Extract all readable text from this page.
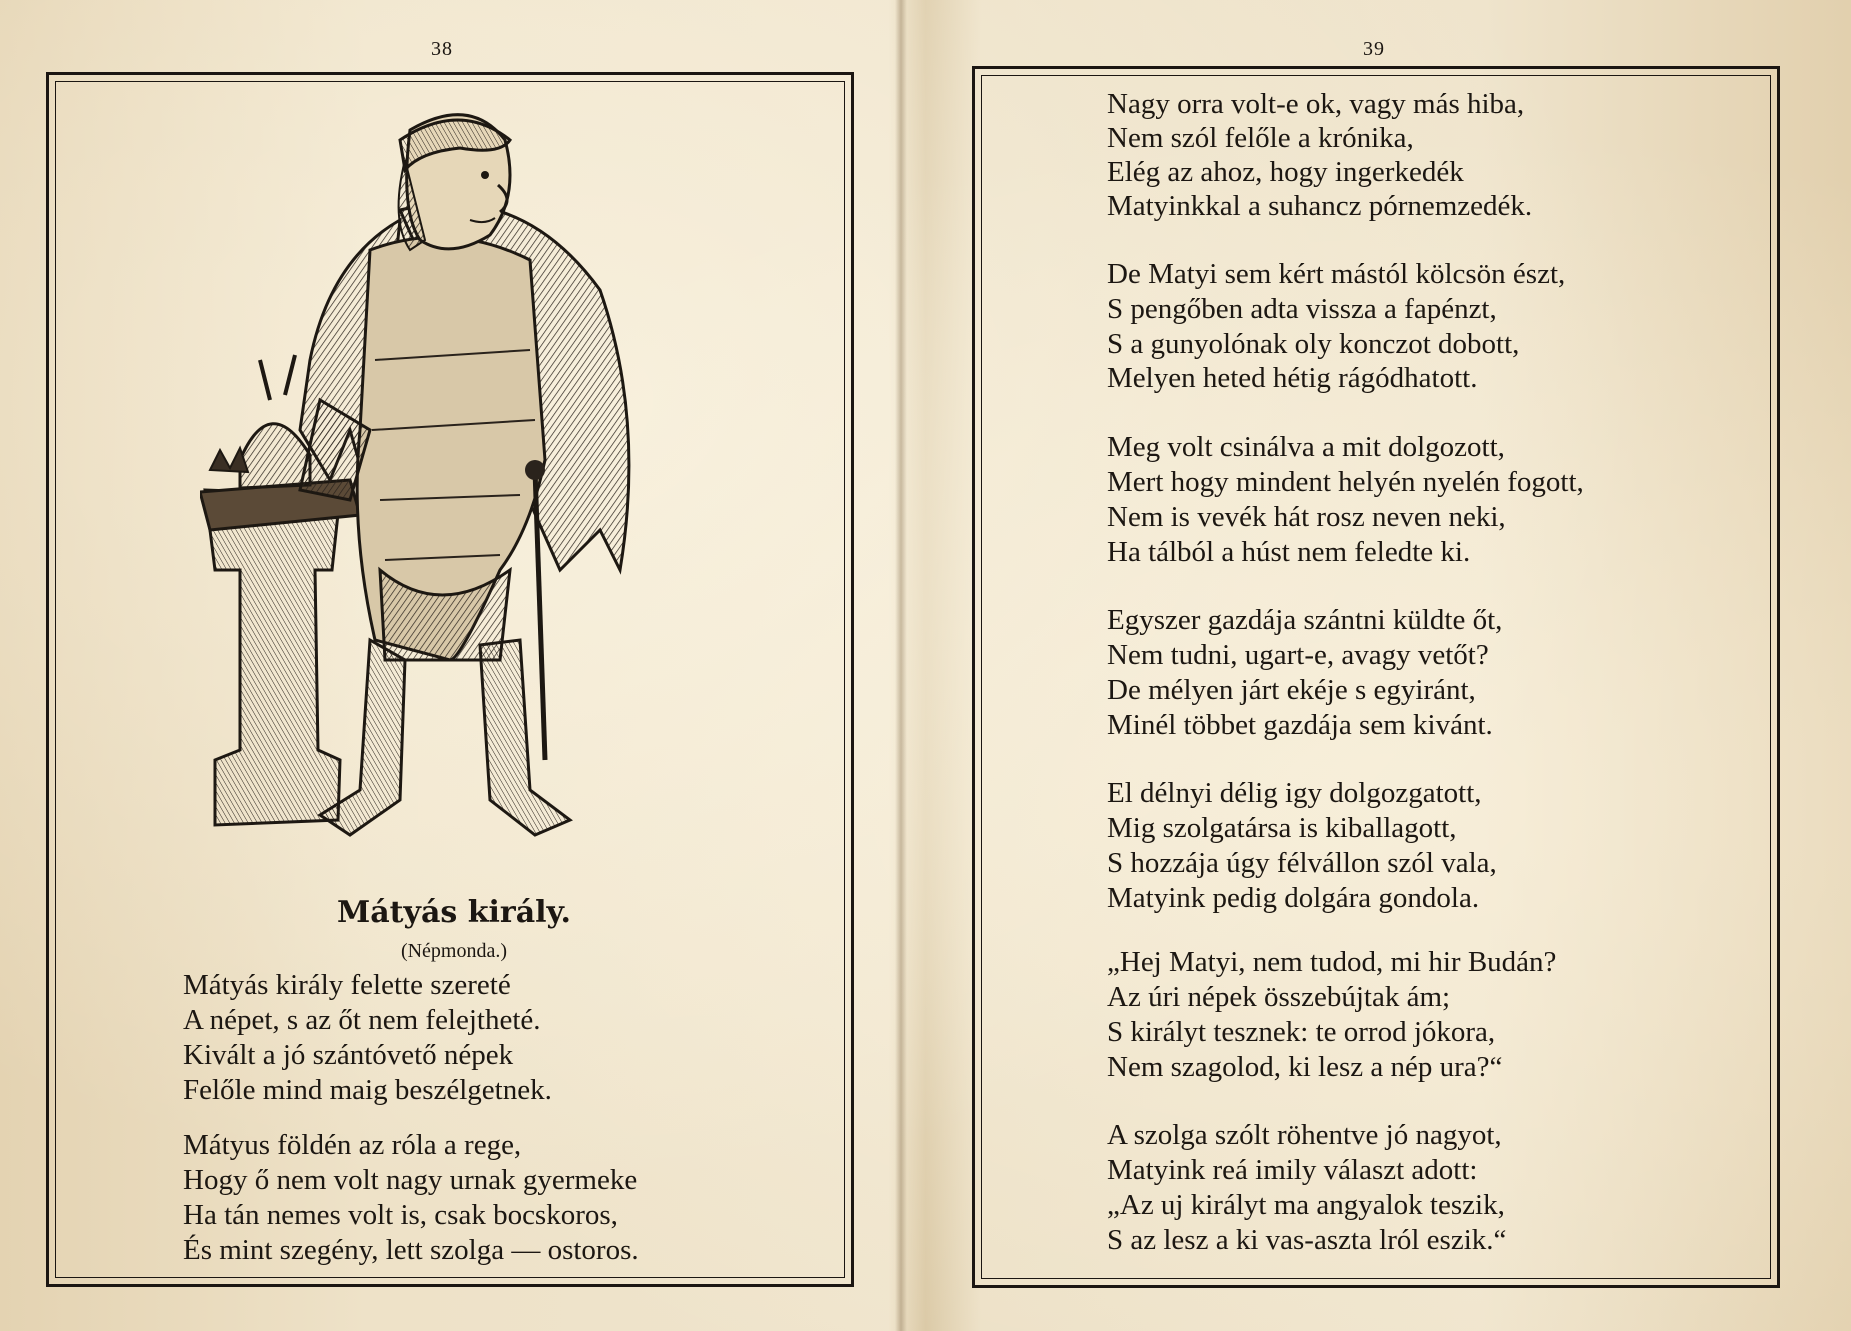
38
Mátyás király.
(Népmonda.)
Mátyás király felette szereté
A népet, s az őt nem felejtheté.
Kivált a jó szántóvető népek
Felőle mind maig beszélgetnek.
Mátyus földén az róla a rege,
Hogy ő nem volt nagy urnak gyermeke
Ha tán nemes volt is, csak bocskoros,
És mint szegény, lett szolga — ostoros.
39
Nagy orra volt-e ok, vagy más hiba,
Nem szól felőle a krónika,
Elég az ahoz, hogy ingerkedék
Matyinkkal a suhancz pórnemzedék.
De Matyi sem kért mástól kölcsön észt,
S pengőben adta vissza a fapénzt,
S a gunyolónak oly konczot dobott,
Melyen heted hétig rágódhatott.
Meg volt csinálva a mit dolgozott,
Mert hogy mindent helyén nyelén fogott,
Nem is vevék hát rosz neven neki,
Ha tálból a húst nem feledte ki.
Egyszer gazdája szántni küldte őt,
Nem tudni, ugart-e, avagy vetőt?
De mélyen járt ekéje s egyiránt,
Minél többet gazdája sem kivánt.
El délnyi délig igy dolgozgatott,
Mig szolgatársa is kiballagott,
S hozzája úgy félvállon szól vala,
Matyink pedig dolgára gondola.
„Hej Matyi, nem tudod, mi hir Budán?
Az úri népek összebújtak ám;
S királyt tesznek: te orrod jókora,
Nem szagolod, ki lesz a nép ura?“
A szolga szólt röhentve jó nagyot,
Matyink reá imily választ adott:
„Az uj királyt ma angyalok teszik,
S az lesz a ki vas-aszta lról eszik.“
